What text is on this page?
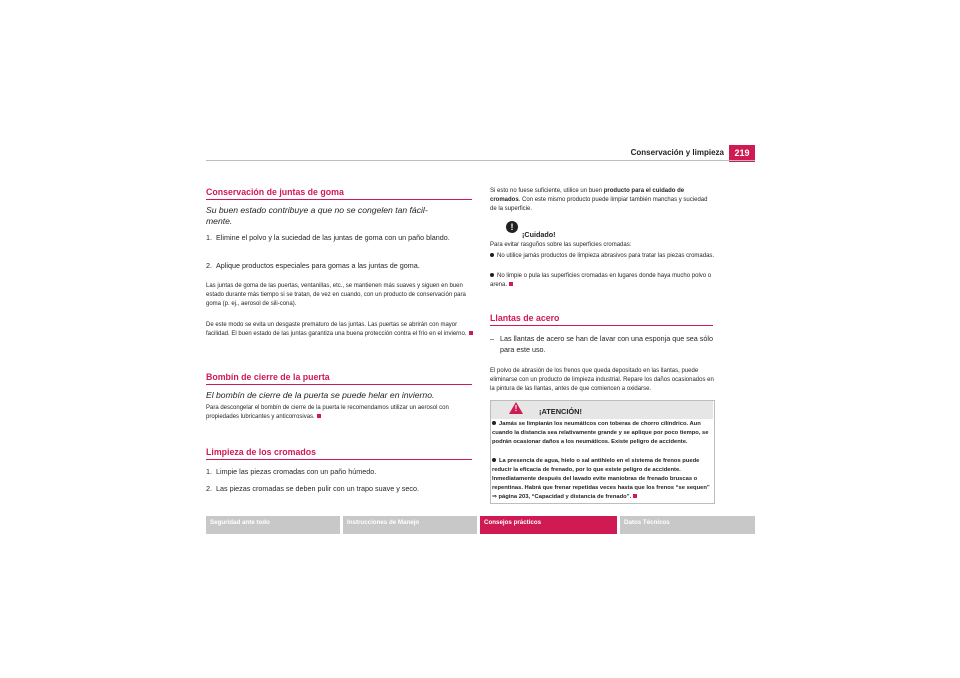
Conservación y limpieza	219
Conservación de juntas de goma
Su buen estado contribuye a que no se congelen tan fácil-
mente.
1. Elimine el polvo y la suciedad de las juntas de goma con un paño blando.
2. Aplique productos especiales para gomas a las juntas de goma.
Las juntas de goma de las puertas, ventanillas, etc., se mantienen más suaves y siguen en buen estado durante más tiempo si se tratan, de vez en cuando, con un producto de conservación para goma (p. ej., aerosol de sili-cona).
De este modo se evita un desgaste prematuro de las juntas. Las puertas se abrirán con mayor facilidad. El buen estado de las juntas garantiza una buena protección contra el frío en el invierno.
Bombín de cierre de la puerta
El bombín de cierre de la puerta se puede helar en invierno.
Para descongelar el bombín de cierre de la puerta le recomendamos utilizar un aerosol con propiedades lubricantes y anticorrosivas.
Limpieza de los cromados
1. Limpie las piezas cromadas con un paño húmedo.
2. Las piezas cromadas se deben pulir con un trapo suave y seco.
Si esto no fuese suficiente, utilice un buen producto para el cuidado de cromados. Con este mismo producto puede limpiar también manchas y suciedad de la superficie.
!
¡Cuidado!
Para evitar rasguños sobre las superficies cromadas:
No utilice jamás productos de limpieza abrasivos para tratar las piezas cromadas.
No limpie o pula las superficies cromadas en lugares donde haya mucho polvo o arena.
Llantas de acero
– Las llantas de acero se han de lavar con una esponja que sea sólo para este uso.
El polvo de abrasión de los frenos que queda depositado en las llantas, puede eliminarse con un producto de limpieza industrial. Repare los daños ocasionados en la pintura de las llantas, antes de que comiencen a oxidarse.
!	¡ATENCIÓN!
Jamás se limpiarán los neumáticos con toberas de chorro cilíndrico. Aun cuando la distancia sea relativamente grande y se aplique por poco tiempo, se podrán ocasionar daños a los neumáticos. Existe peligro de accidente.
La presencia de agua, hielo o sal antihielo en el sistema de frenos puede reducir la eficacia de frenado, por lo que existe peligro de accidente. Inmediatamente después del lavado evite maniobras de frenado bruscas o repentinas. Habrá que frenar repetidas veces hasta que los frenos “se sequen” ⇒ página 203, “Capacidad y distancia de frenado”.
Seguridad ante todo	Instrucciones de Manejo	Consejos prácticos	Datos Técnicos
